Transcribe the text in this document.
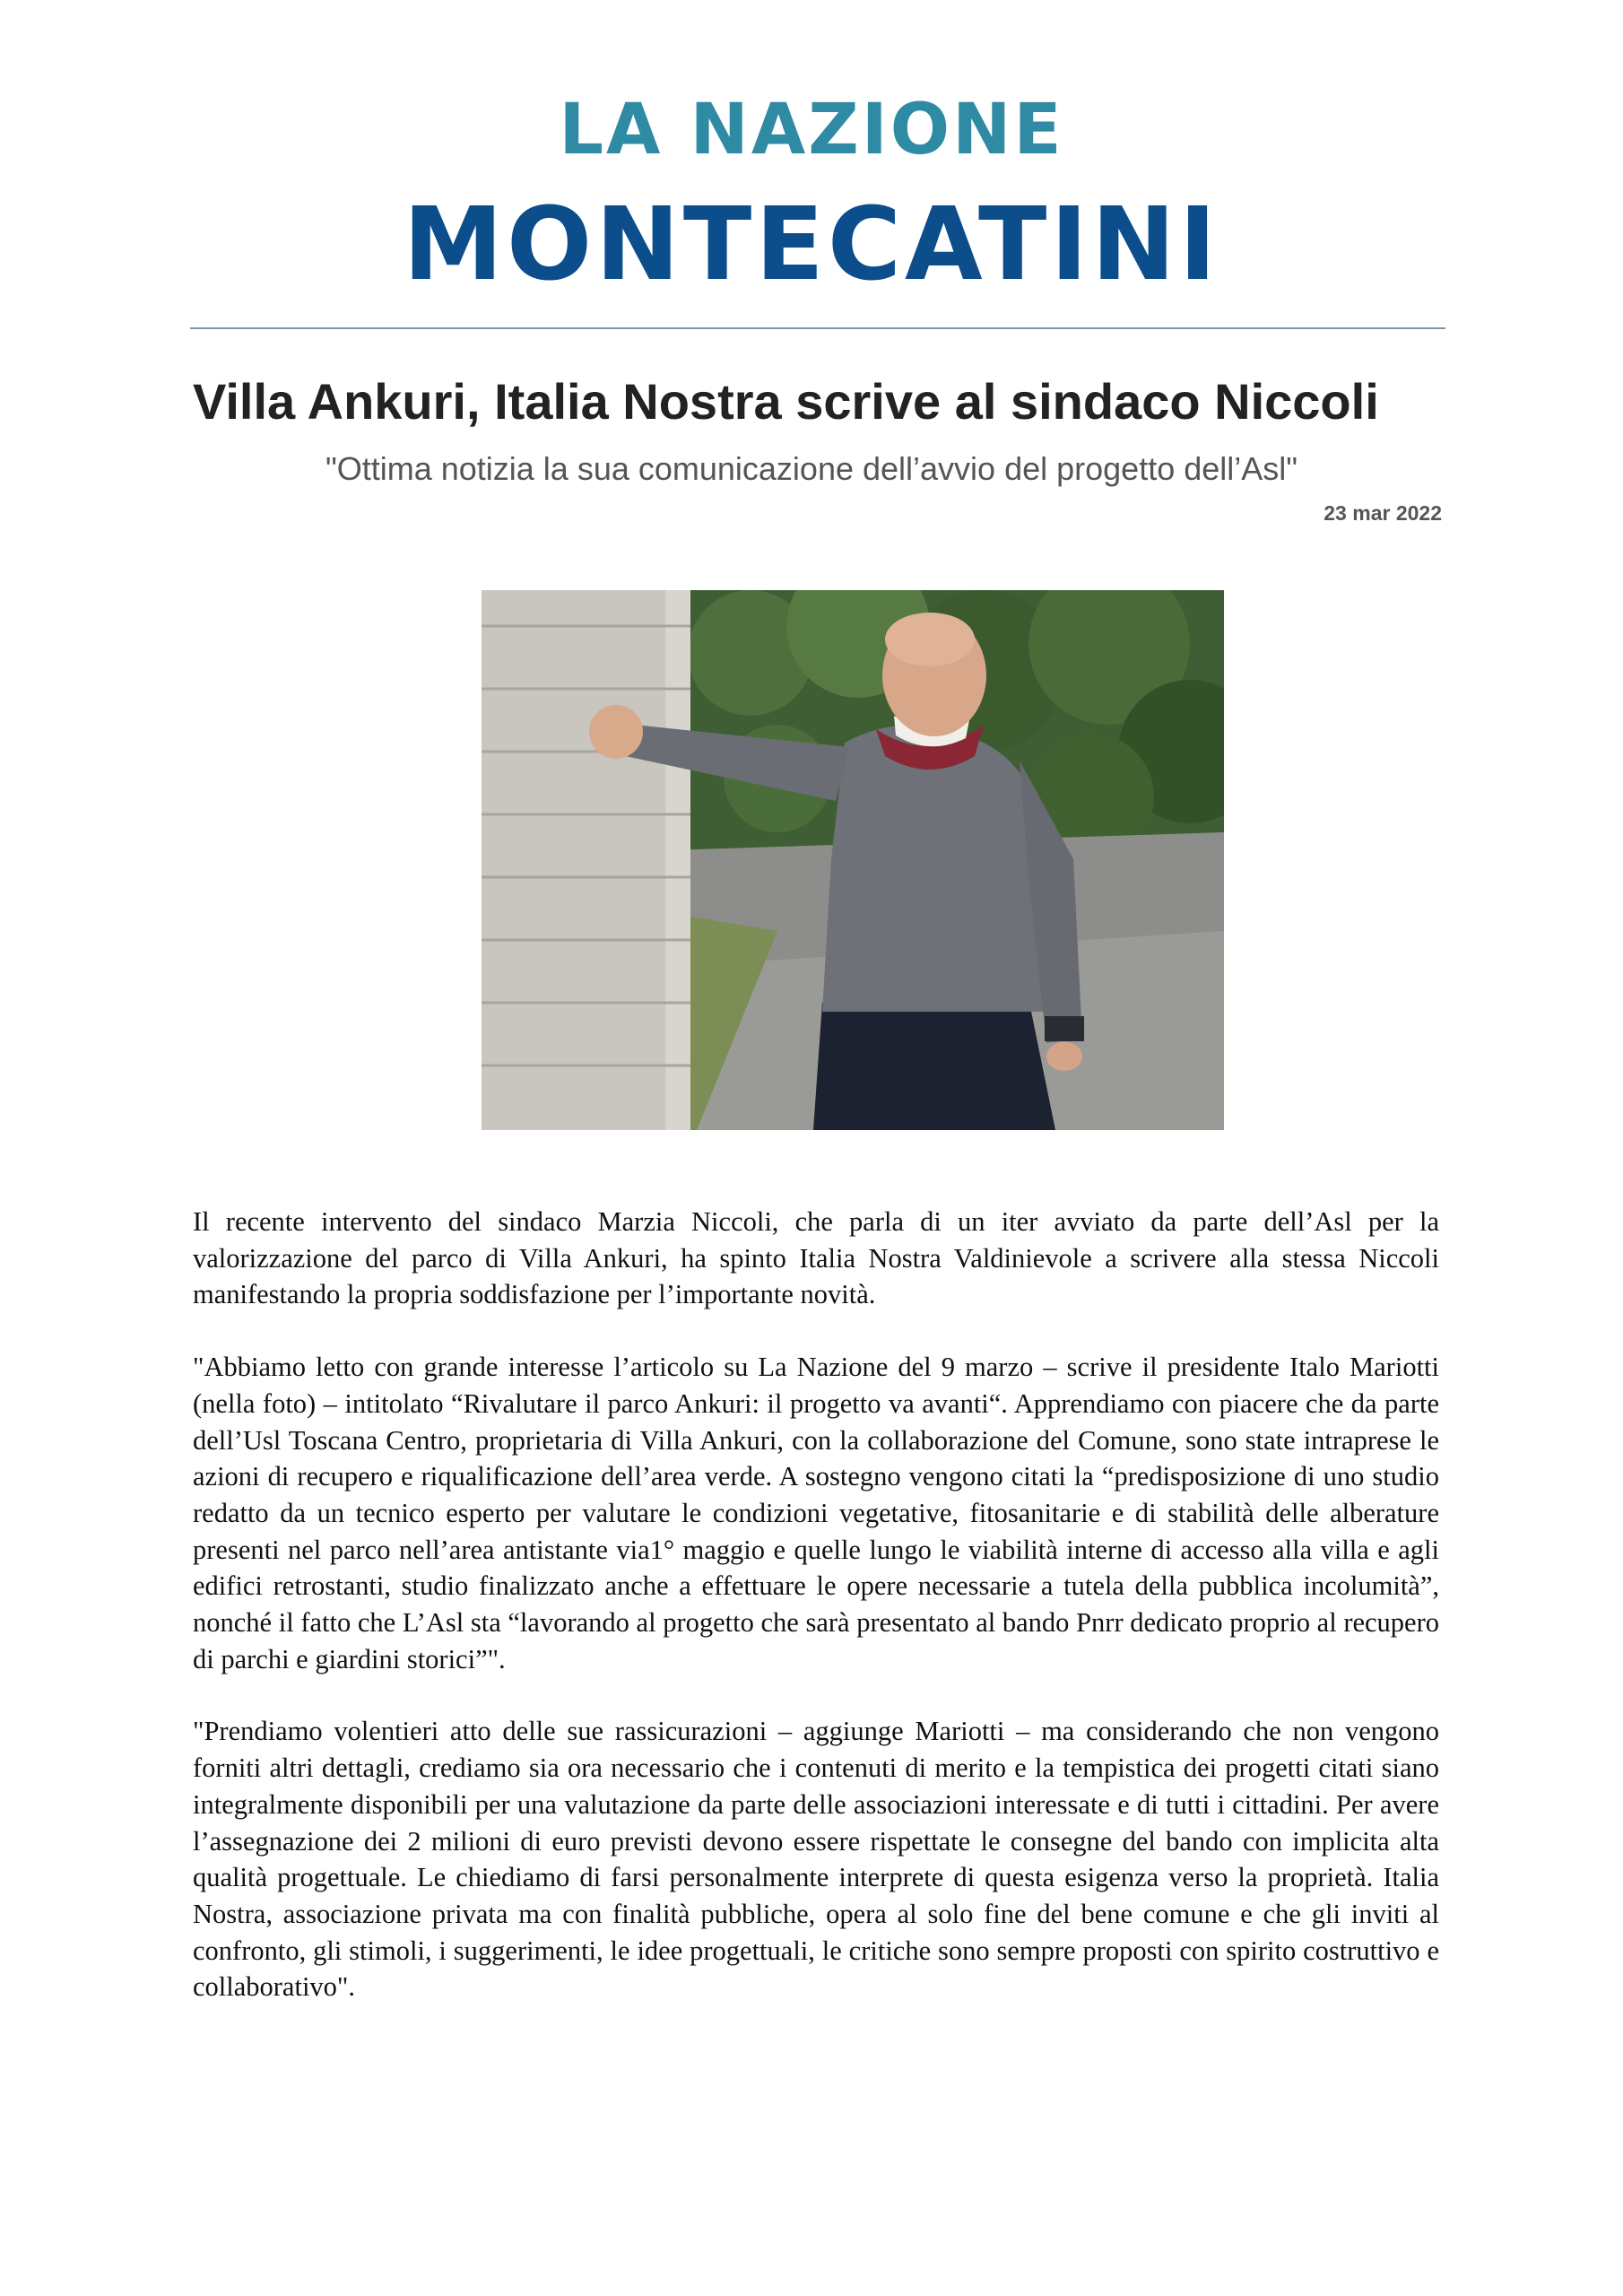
LA NAZIONE
MONTECATINI
Villa Ankuri, Italia Nostra scrive al sindaco Niccoli

"Ottima notizia la sua comunicazione dell’avvio del progetto dell’Asl"

23 mar 2022

Il recente intervento del sindaco Marzia Niccoli, che parla di un iter avviato da parte dell’Asl per la valorizzazione del parco di Villa Ankuri, ha spinto Italia Nostra Valdinievole a scrivere alla stessa Niccoli manifestando la propria soddisfazione per l’importante novità.

"Abbiamo letto con grande interesse l’articolo su La Nazione del 9 marzo – scrive il presidente Italo Mariotti (nella foto) – intitolato “Rivalutare il parco Ankuri: il progetto va avanti“. Apprendiamo con piacere che da parte dell’Usl Toscana Centro, proprietaria di Villa Ankuri, con la collaborazione del Comune, sono state intraprese le azioni di recupero e riqualificazione dell’area verde. A sostegno vengono citati la “predisposizione di uno studio redatto da un tecnico esperto per valutare le condizioni vegetative, fitosanitarie e di stabilità delle alberature presenti nel parco nell’area antistante via1° maggio e quelle lungo le viabilità interne di accesso alla villa e agli edifici retrostanti, studio finalizzato anche a effettuare le opere necessarie a tutela della pubblica incolumità”, nonché il fatto che L’Asl sta “lavorando al progetto che sarà presentato al bando Pnrr dedicato proprio al recupero di parchi e giardini storici”".

"Prendiamo volentieri atto delle sue rassicurazioni – aggiunge Mariotti – ma considerando che non vengono forniti altri dettagli, crediamo sia ora necessario che i contenuti di merito e la tempistica dei progetti citati siano integralmente disponibili per una valutazione da parte delle associazioni interessate e di tutti i cittadini. Per avere l’assegnazione dei 2 milioni di euro previsti devono essere rispettate le consegne del bando con implicita alta qualità progettuale. Le chiediamo di farsi personalmente interprete di questa esigenza verso la proprietà. Italia Nostra, associazione privata ma con finalità pubbliche, opera al solo fine del bene comune e che gli inviti al confronto, gli stimoli, i suggerimenti, le idee progettuali, le critiche sono sempre proposti con spirito costruttivo e collaborativo".
